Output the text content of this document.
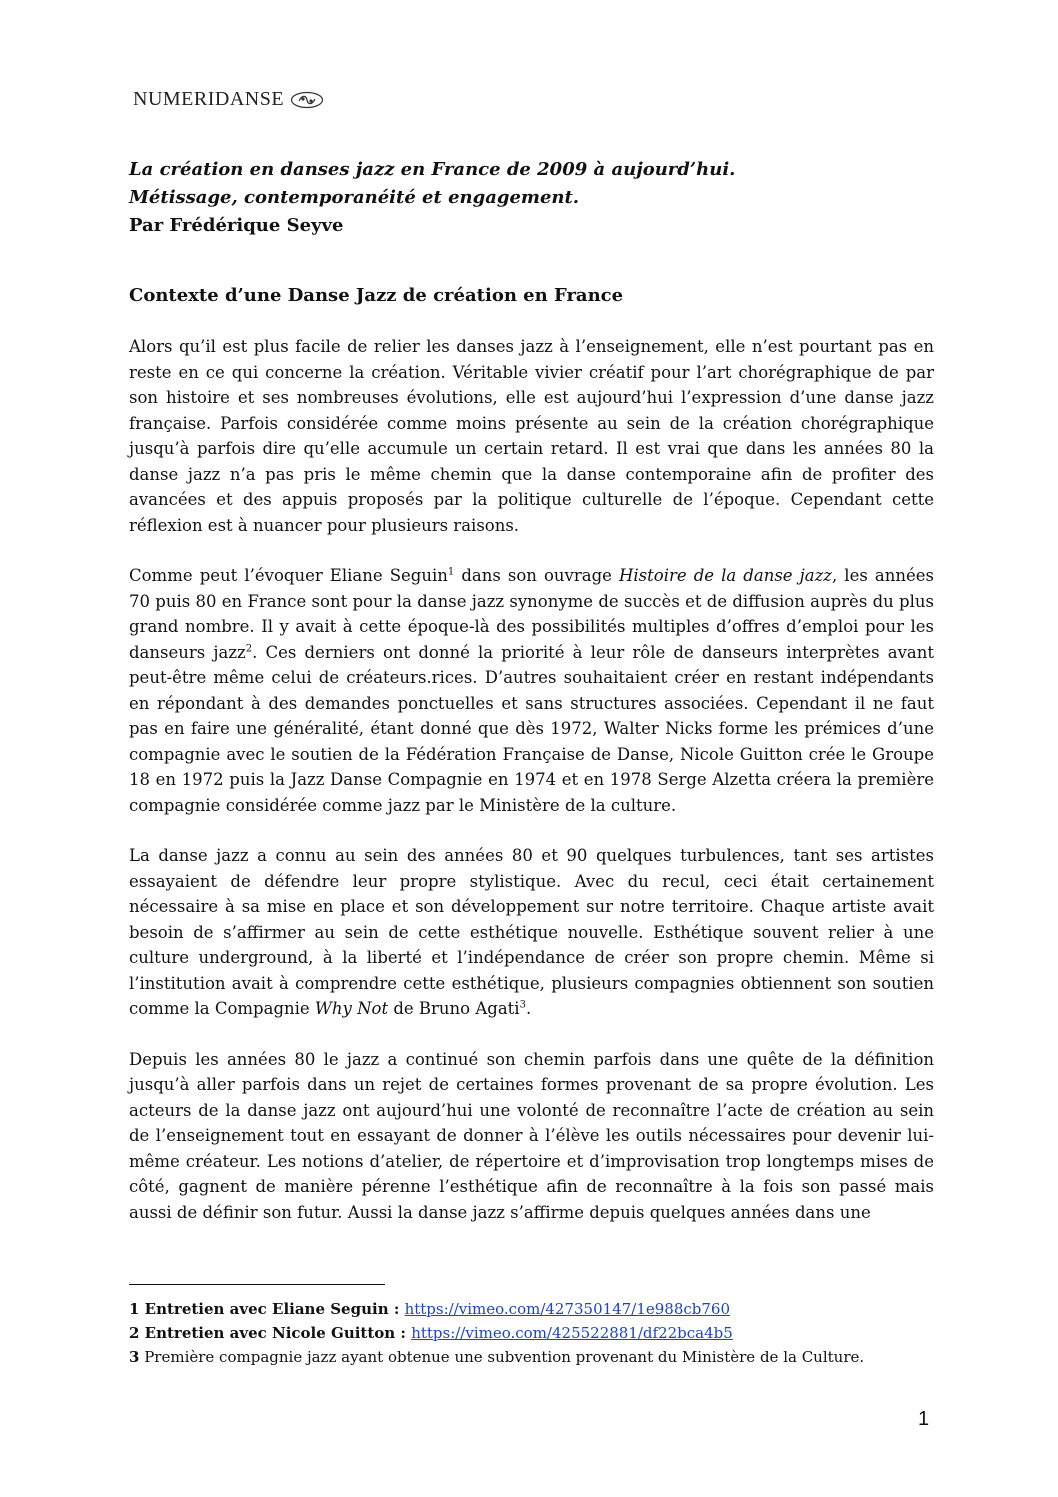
NUMERIDANSE
La création en danses jazz en France de 2009 à aujourd’hui.
Métissage, contemporanéité et engagement.
Par Frédérique Seyve
Contexte d’une Danse Jazz de création en France

Alors qu’il est plus facile de relier les danses jazz à l’enseignement, elle n’est pourtant pas en reste en ce qui concerne la création. Véritable vivier créatif pour l’art chorégraphique de par son histoire et ses nombreuses évolutions, elle est aujourd’hui l’expression d’une danse jazz française. Parfois considérée comme moins présente au sein de la création chorégraphique jusqu’à parfois dire qu’elle accumule un certain retard. Il est vrai que dans les années 80 la danse jazz n’a pas pris le même chemin que la danse contemporaine afin de profiter des avancées et des appuis proposés par la politique culturelle de l’époque. Cependant cette réflexion est à nuancer pour plusieurs raisons.

Comme peut l’évoquer Eliane Seguin$^1$ dans son ouvrage Histoire de la danse jazz, les années 70 puis 80 en France sont pour la danse jazz synonyme de succès et de diffusion auprès du plus grand nombre. Il y avait à cette époque-là des possibilités multiples d’offres d’emploi pour les danseurs jazz$^2$. Ces derniers ont donné la priorité à leur rôle de danseurs interprètes avant peut-être même celui de créateurs.rices. D’autres souhaitaient créer en restant indépendants en répondant à des demandes ponctuelles et sans structures associées. Cependant il ne faut pas en faire une généralité, étant donné que dès 1972, Walter Nicks forme les prémices d’une compagnie avec le soutien de la Fédération Française de Danse, Nicole Guitton crée le Groupe 18 en 1972 puis la Jazz Danse Compagnie en 1974 et en 1978 Serge Alzetta créera la première compagnie considérée comme jazz par le Ministère de la culture.

La danse jazz a connu au sein des années 80 et 90 quelques turbulences, tant ses artistes essayaient de défendre leur propre stylistique. Avec du recul, ceci était certainement nécessaire à sa mise en place et son développement sur notre territoire. Chaque artiste avait besoin de s’affirmer au sein de cette esthétique nouvelle. Esthétique souvent relier à une culture underground, à la liberté et l’indépendance de créer son propre chemin. Même si l’institution avait à comprendre cette esthétique, plusieurs compagnies obtiennent son soutien comme la Compagnie Why Not de Bruno Agati$^3$.

Depuis les années 80 le jazz a continué son chemin parfois dans une quête de la définition jusqu’à aller parfois dans un rejet de certaines formes provenant de sa propre évolution. Les acteurs de la danse jazz ont aujourd’hui une volonté de reconnaître l’acte de création au sein de l’enseignement tout en essayant de donner à l’élève les outils nécessaires pour devenir lui-même créateur. Les notions d’atelier, de répertoire et d’improvisation trop longtemps mises de côté, gagnent de manière pérenne l’esthétique afin de reconnaître à la fois son passé mais aussi de définir son futur. Aussi la danse jazz s’affirme depuis quelques années dans une

1 Entretien avec Eliane Seguin : https://vimeo.com/427350147/1e988cb760
2 Entretien avec Nicole Guitton : https://vimeo.com/425522881/df22bca4b5
3 Première compagnie jazz ayant obtenue une subvention provenant du Ministère de la Culture.
1
